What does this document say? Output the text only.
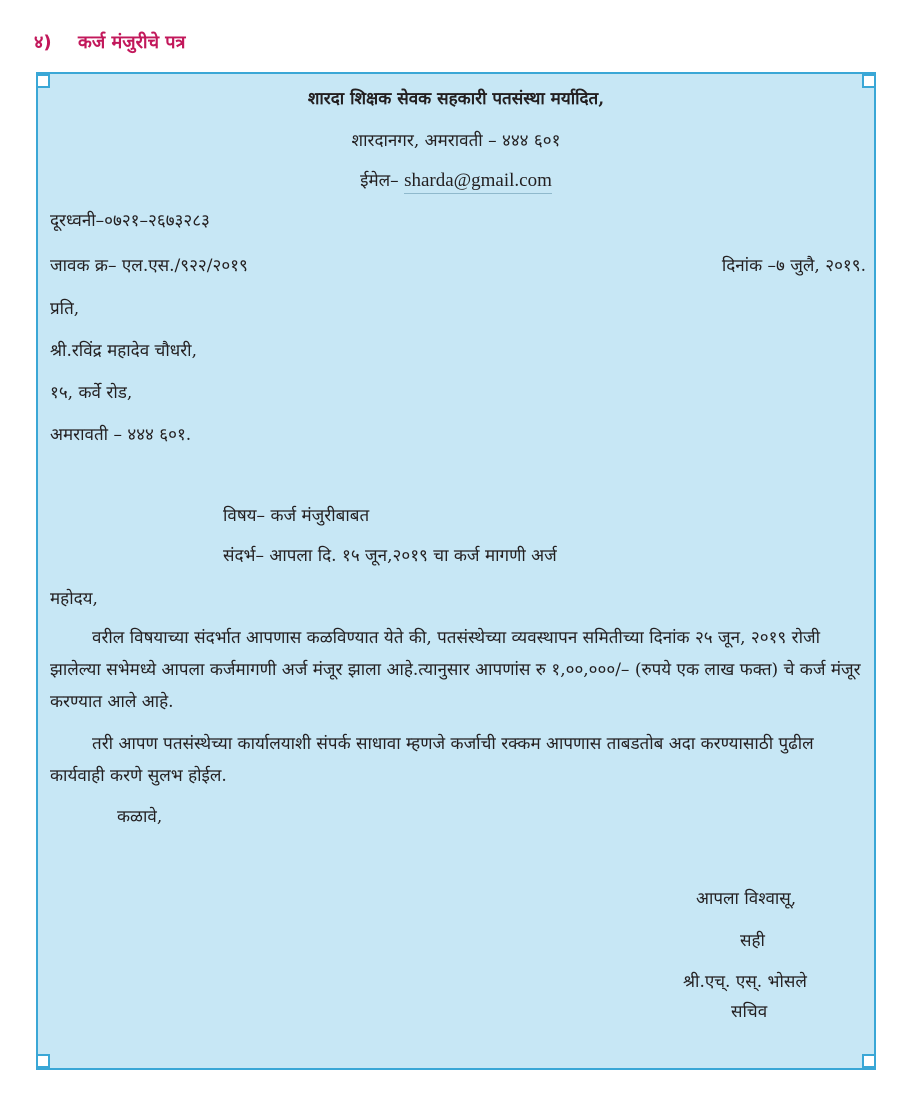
४) कर्ज मंजुरीचे पत्र
शारदा शिक्षक सेवक सहकारी पतसंस्था मर्यादित,
शारदानगर, अमरावती – ४४४ ६०१
ईमेल– sharda@gmail.com
दूरध्वनी–०७२१–२६७३२८३
जावक क्र– एल.एस./९२२/२०१९	दिनांक –७ जुलै, २०१९.
प्रति,
श्री.रविंद्र महादेव चौधरी,
१५, कर्वे रोड,
अमरावती – ४४४ ६०१.
विषय– कर्ज मंजुरीबाबत
संदर्भ– आपला दि. १५ जून,२०१९ चा कर्ज मागणी अर्ज
महोदय,
वरील विषयाच्या संदर्भात आपणास कळविण्यात येते की, पतसंस्थेच्या व्यवस्थापन समितीच्या दिनांक २५ जून, २०१९ रोजी झालेल्या सभेमध्ये आपला कर्जमागणी अर्ज मंजूर झाला आहे.त्यानुसार आपणांस रु १,००,०००/– (रुपये एक लाख फक्त) चे कर्ज मंजूर करण्यात आले आहे.
तरी आपण पतसंस्थेच्या कार्यालयाशी संपर्क साधावा म्हणजे कर्जाची रक्कम आपणास ताबडतोब अदा करण्यासाठी पुढील कार्यवाही करणे सुलभ होईल.
कळावे,
आपला विश्वासू,
सही
श्री.एच्. एस्. भोसले
सचिव
